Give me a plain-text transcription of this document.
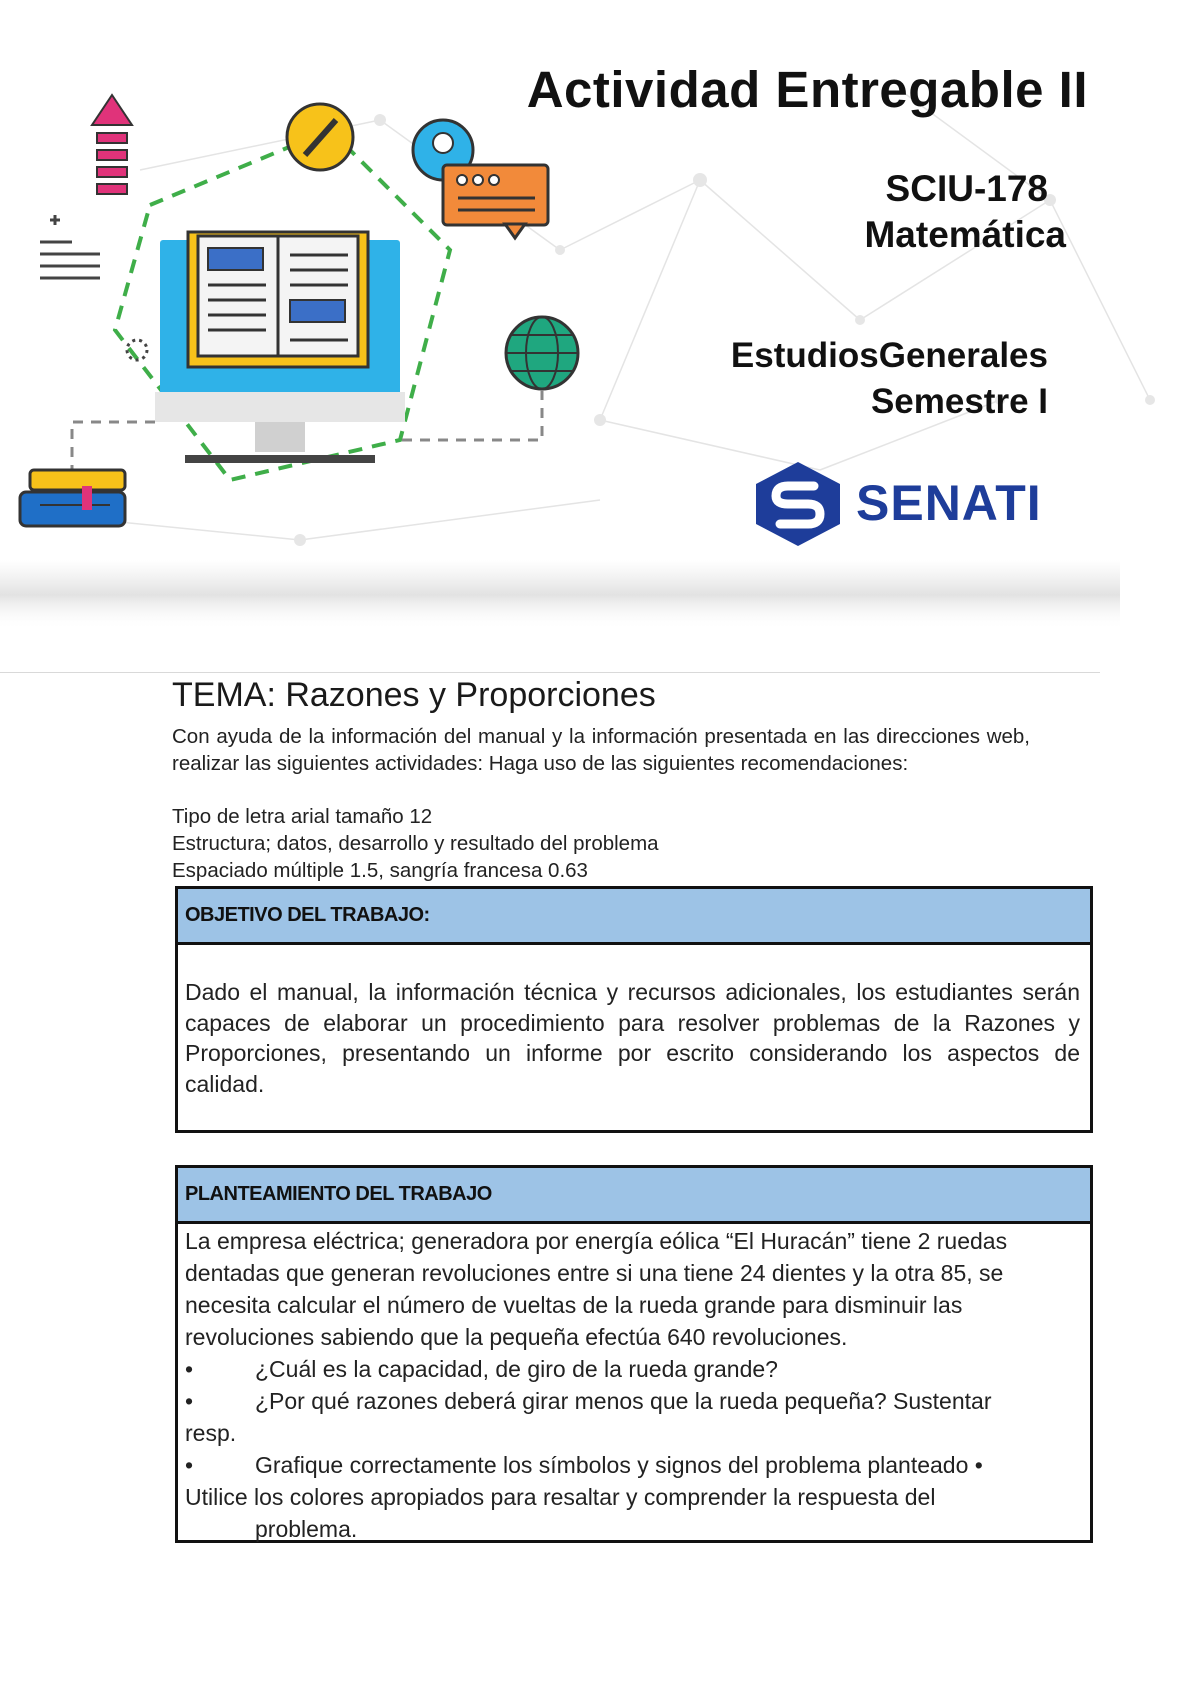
Actividad Entregable II
SCIU-178
Matemática
EstudiosGenerales
Semestre I
SENATI
TEMA: Razones y Proporciones
Con ayuda de la información del manual y la información presentada en las direcciones web, realizar las siguientes actividades: Haga uso de las siguientes recomendaciones:
Tipo de letra arial tamaño 12
Estructura; datos, desarrollo y resultado del problema
Espaciado múltiple 1.5, sangría francesa 0.63
OBJETIVO DEL TRABAJO:
Dado el manual, la información técnica y recursos adicionales, los estudiantes serán capaces de elaborar un procedimiento para resolver problemas de la Razones y Proporciones, presentando un informe por escrito considerando los aspectos de calidad.
PLANTEAMIENTO DEL TRABAJO

La empresa eléctrica; generadora por energía eólica “El Huracán” tiene 2 ruedas dentadas que generan revoluciones entre si una tiene 24 dientes y la otra 85, se necesita calcular el número de vueltas de la rueda grande para disminuir las revoluciones sabiendo que la pequeña efectúa 640 revoluciones.

•	¿Cuál es la capacidad, de giro de la rueda grande?
•	¿Por qué razones deberá girar menos que la rueda pequeña? Sustentar

resp.

•	Grafique correctamente los símbolos y signos del problema planteado •

Utilice los colores apropiados para resaltar y comprender la respuesta del

problema.
